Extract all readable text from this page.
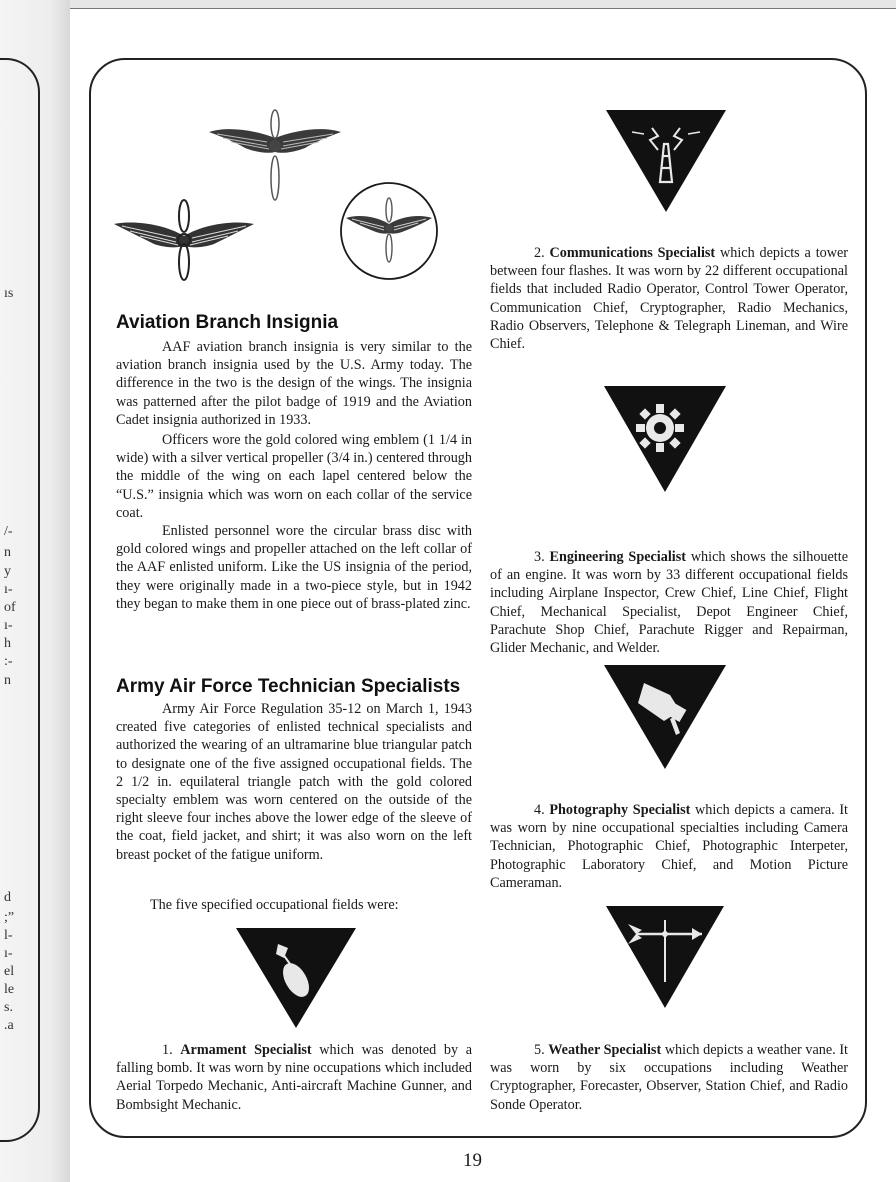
ıs
/-
n
y
ı-
of
ı-
h
:-
n
d
;”
l-
ı-
el
le
s.
.a
Aviation Branch Insignia

AAF aviation branch insignia is very similar to the aviation branch insignia used by the U.S. Army today. The difference in the two is the design of the wings. The insignia was patterned after the pilot badge of 1919 and the Aviation Cadet insignia authorized in 1933.

Officers wore the gold colored wing emblem (1 1/4 in wide) with a silver vertical propeller (3/4 in.) centered through the middle of the wing on each lapel centered below the “U.S.” insignia which was worn on each collar of the service coat.

Enlisted personnel wore the circular brass disc with gold colored wings and propeller attached on the left collar of the AAF enlisted uniform. Like the US insignia of the period, they were originally made in a two-piece style, but in 1942 they began to make them in one piece out of brass-plated zinc.

Army Air Force Technician Specialists

Army Air Force Regulation 35-12 on March 1, 1943 created five categories of enlisted technical specialists and authorized the wearing of an ultramarine blue triangular patch to designate one of the five assigned occupational fields. The 2 1/2 in. equilateral triangle patch with the gold colored specialty emblem was worn centered on the outside of the right sleeve four inches above the lower edge of the sleeve of the coat, field jacket, and shirt; it was also worn on the left breast pocket of the fatigue uniform.

The five specified occupational fields were:

1. Armament Specialist which was denoted by a falling bomb. It was worn by nine occupations which included Aerial Torpedo Mechanic, Anti-aircraft Machine Gunner, and Bombsight Mechanic.

2. Communications Specialist which depicts a tower between four flashes. It was worn by 22 different occupational fields that included Radio Operator, Control Tower Operator, Communication Chief, Cryptographer, Radio Mechanics, Radio Observers, Telephone & Telegraph Lineman, and Wire Chief.

3. Engineering Specialist which shows the silhouette of an engine. It was worn by 33 different occupational fields including Airplane Inspector, Crew Chief, Line Chief, Flight Chief, Mechanical Specialist, Depot Engineer Chief, Parachute Shop Chief, Parachute Rigger and Repairman, Glider Mechanic, and Welder.

4. Photography Specialist which depicts a camera. It was worn by nine occupational specialties including Camera Technician, Photographic Chief, Photographic Interpeter, Photographic Laboratory Chief, and Motion Picture Cameraman.

5. Weather Specialist which depicts a weather vane. It was worn by six occupations including Weather Cryptographer, Forecaster, Observer, Station Chief, and Radio Sonde Operator.

19
